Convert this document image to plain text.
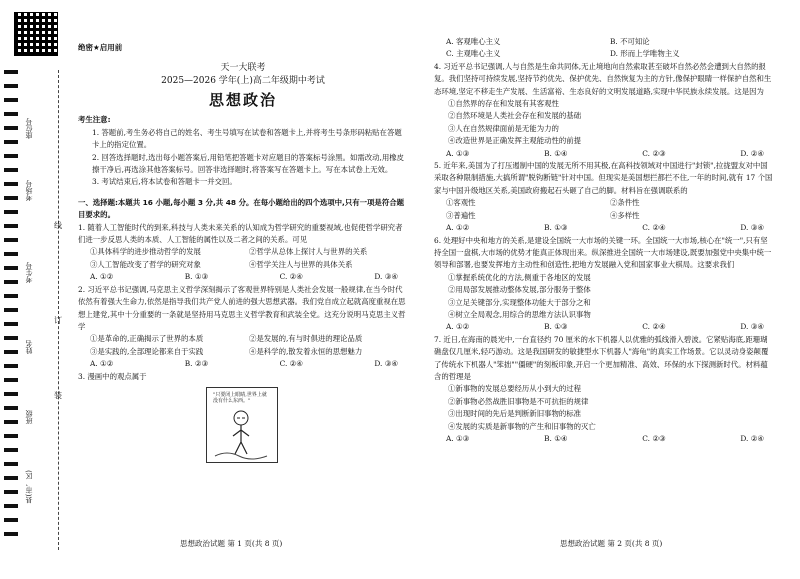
座位号
考场号
考生号
姓名
班级
县(市、区)
线
订
装
绝密★启用前
天一大联考
2025—2026 学年(上)高二年级期中考试
思想政治

考生注意:

1. 答题前,考生务必将自己的姓名、考生号填写在试卷和答题卡上,并将考生号条形码粘贴在答题卡上的指定位置。

2. 回答选择题时,选出每小题答案后,用铅笔把答题卡对应题目的答案标号涂黑。如需改动,用橡皮擦干净后,再选涂其他答案标号。回答非选择题时,将答案写在答题卡上。写在本试卷上无效。

3. 考试结束后,将本试卷和答题卡一并交回。

一、选择题:本题共 16 小题,每小题 3 分,共 48 分。在每小题给出的四个选项中,只有一项是符合题目要求的。

1. 随着人工智能时代的到来,科技与人类未来关系的认知成为哲学研究的重要视域,也促使哲学研究者们进一步反思人类的本质、人工智能的属性以及二者之间的关系。可见

①具体科学的进步推动哲学的发展	②哲学从总体上探讨人与世界的关系
③人工智能改变了哲学的研究对象	④哲学关注人与世界的具体关系
A. ①②	B. ①③	C. ②④	D. ③④

2. 习近平总书记强调,马克思主义哲学深刻揭示了客观世界特别是人类社会发展一般规律,在当今时代依然有着强大生命力,依然是指导我们共产党人前进的强大思想武器。我们党自成立起就高度重视在思想上建党,其中十分重要的一条就是坚持用马克思主义哲学教育和武装全党。这充分说明马克思主义哲学

①是革命的,正确揭示了世界的本质	②是发展的,有与时俱进的理论品质
③是实践的,全部理论都来自于实践	④是科学的,散发着永恒的思想魅力
A. ①②	B. ②③	C. ②④	D. ③④

3. 漫画中的观点属于

"只要闭上眼睛,世界上就没有什么东西。"
A. 客观唯心主义	B. 不可知论
C. 主观唯心主义	D. 形而上学唯物主义

4. 习近平总书记强调,人与自然是生命共同体,无止境地向自然索取甚至破坏自然必然会遭到大自然的报复。我们坚持可持续发展,坚持节约优先、保护优先、自然恢复为主的方针,像保护眼睛一样保护自然和生态环境,坚定不移走生产发展、生活富裕、生态良好的文明发展道路,实现中华民族永续发展。这是因为

①自然界的存在和发展有其客观性

②自然环境是人类社会存在和发展的基础

③人在自然规律面前是无能为力的

④改造世界是正确发挥主观能动性的前提

A. ①③	B. ①④	C. ②③	D. ②④

5. 近年来,美国为了打压遏制中国的发展无所不用其极,在高科技领域对中国进行"封锁",拉拢盟友对中国采取各种限制措施,大搞所谓"脱钩断链"针对中国。但现实是美国想拦都拦不住,一年的时间,就有 17 个国家与中国升级地区关系,美国政府搬起石头砸了自己的脚。材料旨在强调联系的

①客观性	②条件性
③普遍性	④多样性
A. ①②	B. ①③	C. ②④	D. ③④

6. 处理好中央和地方的关系,是建设全国统一大市场的关键一环。全国统一大市场,核心在"统一",只有坚持全国一盘棋,大市场的优势才能真正体现出来。纵深推进全国统一大市场建设,既要加强党中央集中统一领导和部署,也要发挥地方主动性和创造性,把地方发展融入党和国家事业大棋局。这要求我们

①掌握系统优化的方法,侧重于各地区的发展

②用局部发展推动整体发展,部分服务于整体

③立足关键部分,实现整体功能大于部分之和

④树立全局观念,用综合的思维方法认识事物

A. ①②	B. ①③	C. ②④	D. ③④

7. 近日,在海南的晨光中,一台直径约 70 厘米的水下机器人以优雅的弧线滑入碧波。它紧贴海底,距珊瑚礁盘仅几厘米,轻巧游动。这是我国研发的敏捷型水下机器人"海龟"的真实工作场景。它以灵动身姿颠覆了传统水下机器人"笨拙""僵硬"的刻板印象,开启一个更加精准、高效、环保的水下探测新时代。材料蕴含的哲理是

①新事物的发展总要经历从小到大的过程

②新事物必然战胜旧事物是不可抗拒的规律

③出现时间的先后是判断新旧事物的标准

④发展的实质是新事物的产生和旧事物的灭亡

A. ①③	B. ①④	C. ②③	D. ②④
思想政治试题 第 1 页(共 8 页)	思想政治试题 第 2 页(共 8 页)
